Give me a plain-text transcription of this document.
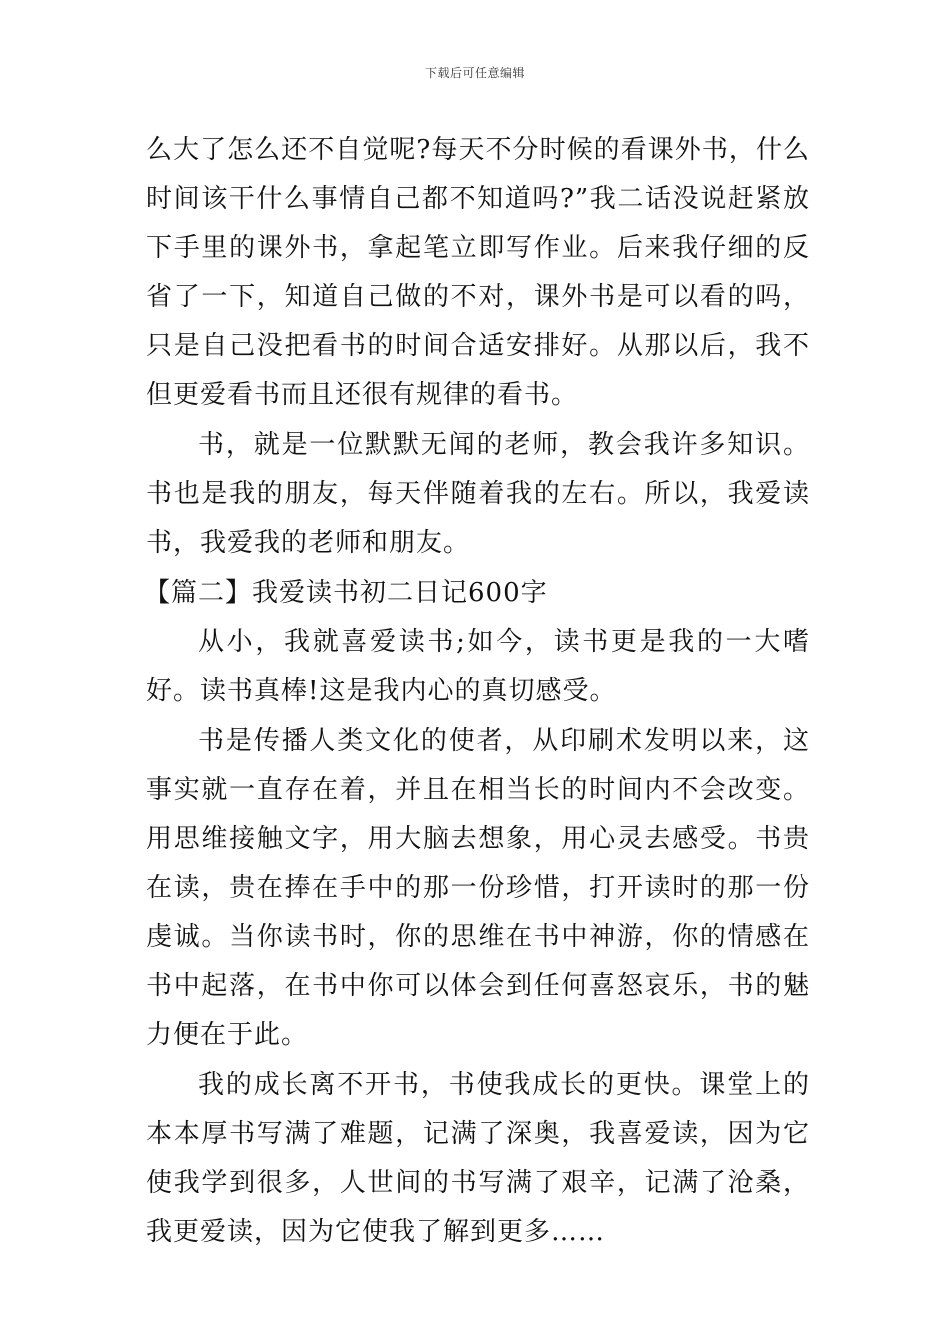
下载后可任意编辑

么大了怎么还不自觉呢?每天不分时候的看课外书，什么时间该干什么事情自己都不知道吗?”我二话没说赶紧放下手里的课外书，拿起笔立即写作业。后来我仔细的反省了一下，知道自己做的不对，课外书是可以看的吗，只是自己没把看书的时间合适安排好。从那以后，我不但更爱看书而且还很有规律的看书。

书，就是一位默默无闻的老师，教会我许多知识。书也是我的朋友，每天伴随着我的左右。所以，我爱读书，我爱我的老师和朋友。

【篇二】我爱读书初二日记600字

从小，我就喜爱读书;如今，读书更是我的一大嗜好。读书真棒!这是我内心的真切感受。

书是传播人类文化的使者，从印刷术发明以来，这事实就一直存在着，并且在相当长的时间内不会改变。用思维接触文字，用大脑去想象，用心灵去感受。书贵在读，贵在捧在手中的那一份珍惜，打开读时的那一份虔诚。当你读书时，你的思维在书中神游，你的情感在书中起落，在书中你可以体会到任何喜怒哀乐，书的魅力便在于此。

我的成长离不开书，书使我成长的更快。课堂上的本本厚书写满了难题，记满了深奥，我喜爱读，因为它使我学到很多，人世间的书写满了艰辛，记满了沧桑，我更爱读，因为它使我了解到更多……
